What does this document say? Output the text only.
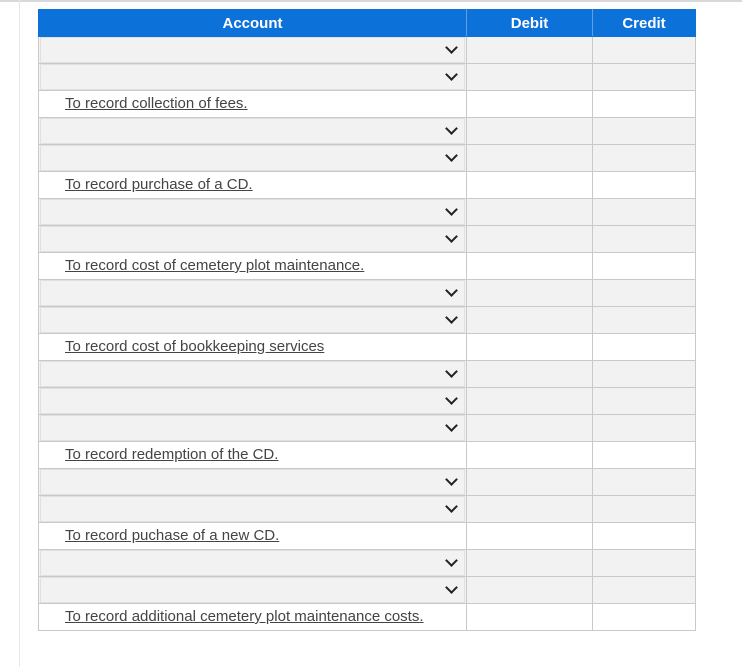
Account	Debit	Credit

To record collection of fees.		

To record purchase of a CD.		

To record cost of cemetery plot maintenance.		

To record cost of bookkeeping services		

To record redemption of the CD.		

To record puchase of a new CD.		

To record additional cemetery plot maintenance costs.		
